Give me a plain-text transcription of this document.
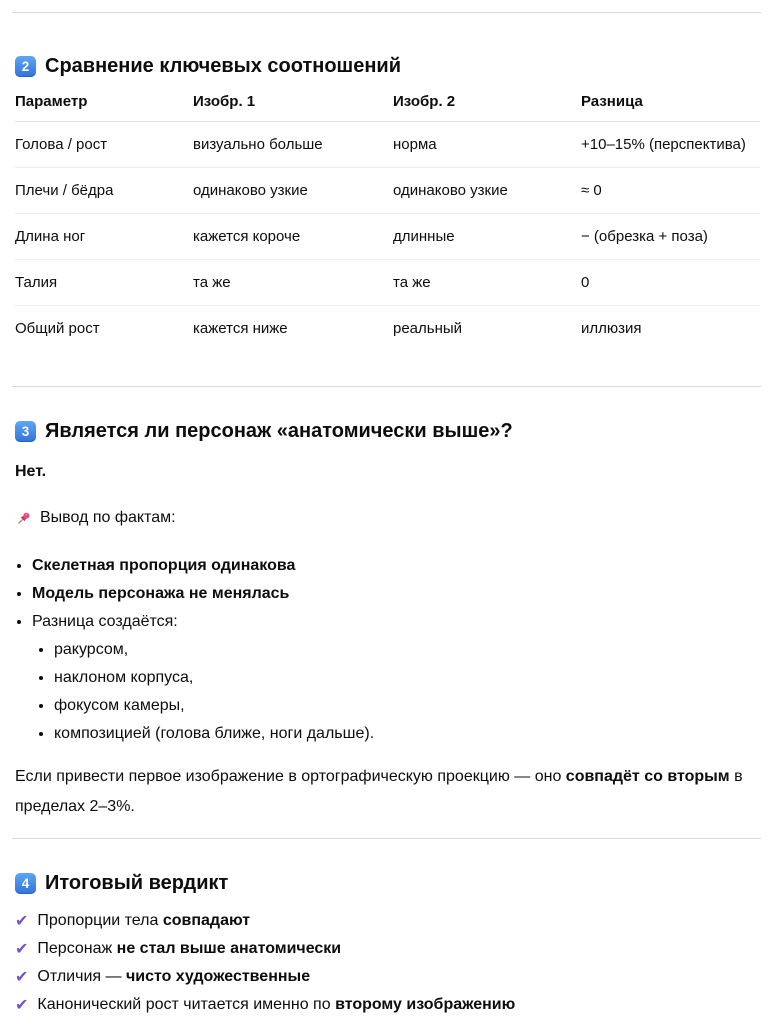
2 Сравнение ключевых соотношений
Параметр	Изобр. 1	Изобр. 2	Разница
Голова / рост	визуально больше	норма	+10–15% (перспектива)
Плечи / бёдра	одинаково узкие	одинаково узкие	≈ 0
Длина ног	кажется короче	длинные	− (обрезка + поза)
Талия	та же	та же	0
Общий рост	кажется ниже	реальный	иллюзия
3 Является ли персонаж «анатомически выше»?

Нет.

Вывод по фактам:
• Скелетная пропорция одинакова
• Модель персонажа не менялась
• Разница создаётся:
• ракурсом,
• наклоном корпуса,
• фокусом камеры,
• композицией (голова ближе, ноги дальше).

Если привести первое изображение в ортографическую проекцию — оно совпадёт со вторым в пределах 2–3%.

4 Итоговый вердикт
✔ Пропорции тела совпадают
✔ Персонаж не стал выше анатомически
✔ Отличия — чисто художественные
✔ Канонический рост читается именно по второму изображению
